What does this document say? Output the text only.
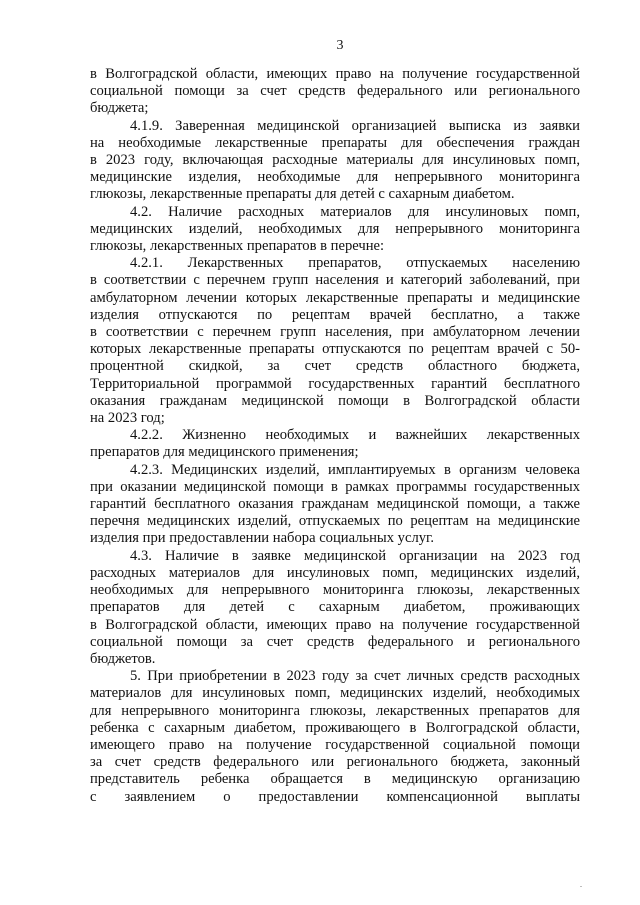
3
в Волгоградской области, имеющих право на получение государственной
социальной помощи за счет средств федерального или регионального
бюджета;
4.1.9. Заверенная медицинской организацией выписка из заявки
на необходимые лекарственные препараты для обеспечения граждан
в 2023 году, включающая расходные материалы для инсулиновых помп,
медицинские изделия, необходимые для непрерывного мониторинга
глюкозы, лекарственные препараты для детей с сахарным диабетом.
4.2. Наличие расходных материалов для инсулиновых помп,
медицинских изделий, необходимых для непрерывного мониторинга
глюкозы, лекарственных препаратов в перечне:
4.2.1. Лекарственных препаратов, отпускаемых населению
в соответствии с перечнем групп населения и категорий заболеваний, при
амбулаторном лечении которых лекарственные препараты и медицинские
изделия отпускаются по рецептам врачей бесплатно, а также
в соответствии с перечнем групп населения, при амбулаторном лечении
которых лекарственные препараты отпускаются по рецептам врачей с 50-
процентной скидкой, за счет средств областного бюджета,
Территориальной программой государственных гарантий бесплатного
оказания гражданам медицинской помощи в Волгоградской области
на 2023 год;
4.2.2. Жизненно необходимых и важнейших лекарственных
препаратов для медицинского применения;
4.2.3. Медицинских изделий, имплантируемых в организм человека
при оказании медицинской помощи в рамках программы государственных
гарантий бесплатного оказания гражданам медицинской помощи, а также
перечня медицинских изделий, отпускаемых по рецептам на медицинские
изделия при предоставлении набора социальных услуг.
4.3. Наличие в заявке медицинской организации на 2023 год
расходных материалов для инсулиновых помп, медицинских изделий,
необходимых для непрерывного мониторинга глюкозы, лекарственных
препаратов для детей с сахарным диабетом, проживающих
в Волгоградской области, имеющих право на получение государственной
социальной помощи за счет средств федерального и регионального
бюджетов.
5. При приобретении в 2023 году за счет личных средств расходных
материалов для инсулиновых помп, медицинских изделий, необходимых
для непрерывного мониторинга глюкозы, лекарственных препаратов для
ребенка с сахарным диабетом, проживающего в Волгоградской области,
имеющего право на получение государственной социальной помощи
за счет средств федерального или регионального бюджета, законный
представитель ребенка обращается в медицинскую организацию
с заявлением о предоставлении компенсационной выплаты
.
